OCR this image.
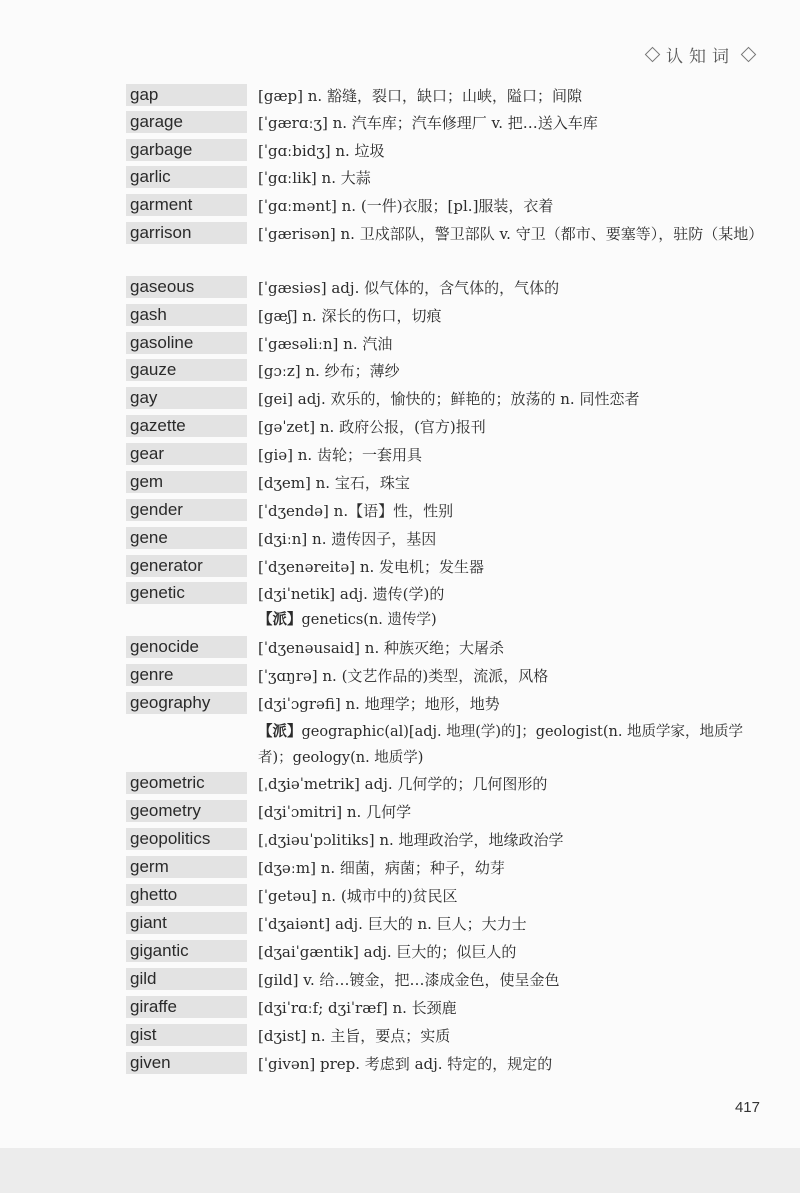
认知词
gap	[gæp] n. 豁缝，裂口，缺口；山峡，隘口；间隙
garage	[ˈgærɑːʒ] n. 汽车库；汽车修理厂 v. 把…送入车库
garbage	[ˈgɑːbidʒ] n. 垃圾
garlic	[ˈgɑːlik] n. 大蒜
garment	[ˈgɑːmənt] n. (一件)衣服；[pl.]服装，衣着
garrison	[ˈgærisən] n. 卫戍部队，警卫部队 v. 守卫（都市、要塞等），驻防（某地）
gaseous	[ˈgæsiəs] adj. 似气体的，含气体的，气体的
gash	[gæʃ] n. 深长的伤口，切痕
gasoline	[ˈgæsəliːn] n. 汽油
gauze	[gɔːz] n. 纱布；薄纱
gay	[gei] adj. 欢乐的，愉快的；鲜艳的；放荡的 n. 同性恋者
gazette	[gəˈzet] n. 政府公报，(官方)报刊
gear	[giə] n. 齿轮；一套用具
gem	[dʒem] n. 宝石，珠宝
gender	[ˈdʒendə] n.【语】性，性别
gene	[dʒiːn] n. 遗传因子，基因
generator	[ˈdʒenəreitə] n. 发电机；发生器
genetic	[dʒiˈnetik] adj. 遗传(学)的
【派】genetics(n. 遗传学)
genocide	[ˈdʒenəusaid] n. 种族灭绝；大屠杀
genre	[ˈʒɑŋrə] n. (文艺作品的)类型，流派，风格
geography	[dʒiˈɔgrəfi] n. 地理学；地形，地势
【派】geographic(al)[adj. 地理(学)的]；geologist(n. 地质学家，地质学者)；geology(n. 地质学)
geometric	[ˌdʒiəˈmetrik] adj. 几何学的；几何图形的
geometry	[dʒiˈɔmitri] n. 几何学
geopolitics	[ˌdʒiəuˈpɔlitiks] n. 地理政治学，地缘政治学
germ	[dʒəːm] n. 细菌，病菌；种子，幼芽
ghetto	[ˈgetəu] n. (城市中的)贫民区
giant	[ˈdʒaiənt] adj. 巨大的 n. 巨人；大力士
gigantic	[dʒaiˈgæntik] adj. 巨大的；似巨人的
gild	[gild] v. 给…镀金，把…漆成金色，使呈金色
giraffe	[dʒiˈrɑːf; dʒiˈræf] n. 长颈鹿
gist	[dʒist] n. 主旨，要点；实质
given	[ˈgivən] prep. 考虑到 adj. 特定的，规定的
417
